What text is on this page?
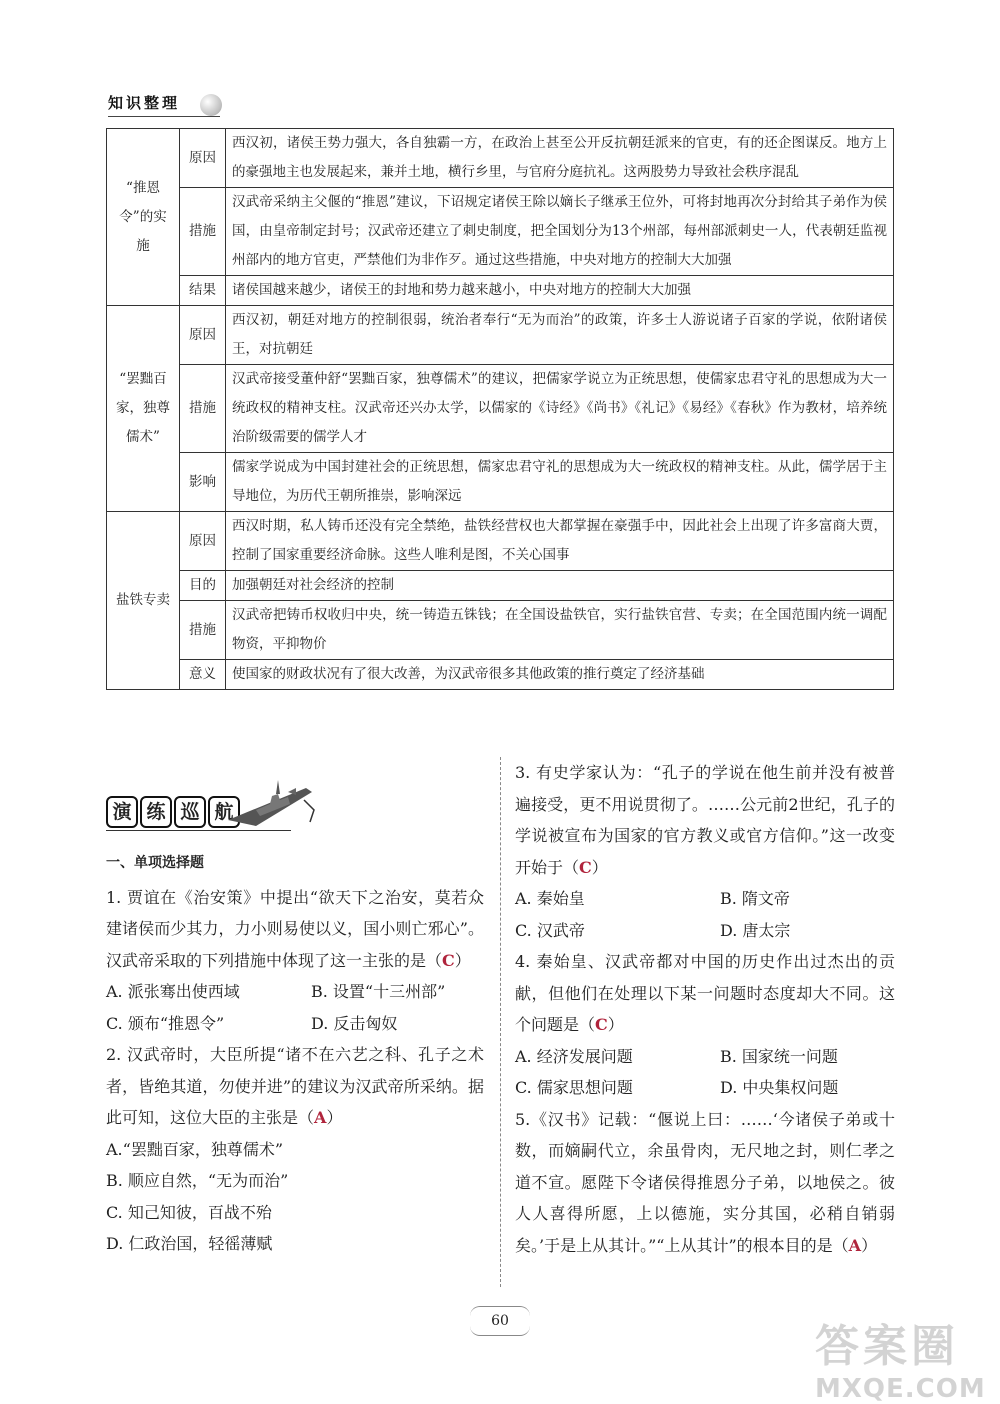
知识整理
“推恩令”的实施	原因	西汉初，诸侯王势力强大，各自独霸一方，在政治上甚至公开反抗朝廷派来的官吏，有的还企图谋反。地方上的豪强地主也发展起来，兼并土地，横行乡里，与官府分庭抗礼。这两股势力导致社会秩序混乱
	措施	汉武帝采纳主父偃的“推恩”建议，下诏规定诸侯王除以嫡长子继承王位外，可将封地再次分封给其子弟作为侯国，由皇帝制定封号；汉武帝还建立了刺史制度，把全国划分为13个州部，每州部派刺史一人，代表朝廷监视州部内的地方官吏，严禁他们为非作歹。通过这些措施，中央对地方的控制大大加强
	结果	诸侯国越来越少，诸侯王的封地和势力越来越小，中央对地方的控制大大加强
“罢黜百家，独尊儒术”	原因	西汉初，朝廷对地方的控制很弱，统治者奉行“无为而治”的政策，许多士人游说诸子百家的学说，依附诸侯王，对抗朝廷
	措施	汉武帝接受董仲舒“罢黜百家，独尊儒术”的建议，把儒家学说立为正统思想，使儒家忠君守礼的思想成为大一统政权的精神支柱。汉武帝还兴办太学，以儒家的《诗经》《尚书》《礼记》《易经》《春秋》作为教材，培养统治阶级需要的儒学人才
	影响	儒家学说成为中国封建社会的正统思想，儒家忠君守礼的思想成为大一统政权的精神支柱。从此，儒学居于主导地位，为历代王朝所推崇，影响深远
盐铁专卖	原因	西汉时期，私人铸币还没有完全禁绝，盐铁经营权也大都掌握在豪强手中，因此社会上出现了许多富商大贾，控制了国家重要经济命脉。这些人唯利是图，不关心国事
	目的	加强朝廷对社会经济的控制
	措施	汉武帝把铸币权收归中央，统一铸造五铢钱；在全国设盐铁官，实行盐铁官营、专卖；在全国范围内统一调配物资，平抑物价
	意义	使国家的财政状况有了很大改善，为汉武帝很多其他政策的推行奠定了经济基础
演 练 巡 航
一、单项选择题

1. 贾谊在《治安策》中提出“欲天下之治安，莫若众建诸侯而少其力，力小则易使以义，国小则亡邪心”。汉武帝采取的下列措施中体现了这一主张的是（C）

A. 派张骞出使西域	B. 设置“十三州部”
C. 颁布“推恩令”	D. 反击匈奴

2. 汉武帝时，大臣所提“诸不在六艺之科、孔子之术者，皆绝其道，勿使并进”的建议为汉武帝所采纳。据此可知，这位大臣的主张是（A）

A.“罢黜百家，独尊儒术”
B. 顺应自然，“无为而治”
C. 知己知彼，百战不殆
D. 仁政治国，轻徭薄赋

3. 有史学家认为：“孔子的学说在他生前并没有被普遍接受，更不用说贯彻了。……公元前2世纪，孔子的学说被宣布为国家的官方教义或官方信仰。”这一改变开始于（C）

A. 秦始皇	B. 隋文帝
C. 汉武帝	D. 唐太宗

4. 秦始皇、汉武帝都对中国的历史作出过杰出的贡献，但他们在处理以下某一问题时态度却大不同。这个问题是（C）

A. 经济发展问题	B. 国家统一问题
C. 儒家思想问题	D. 中央集权问题

5.《汉书》记载：“偃说上曰：……‘今诸侯子弟或十数，而嫡嗣代立，余虽骨肉，无尺地之封，则仁孝之道不宣。愿陛下令诸侯得推恩分子弟，以地侯之。彼人人喜得所愿，上以德施，实分其国，必稍自销弱矣。’于是上从其计。”“上从其计”的根本目的是（A）

60	答案圈
MXQE.COM
